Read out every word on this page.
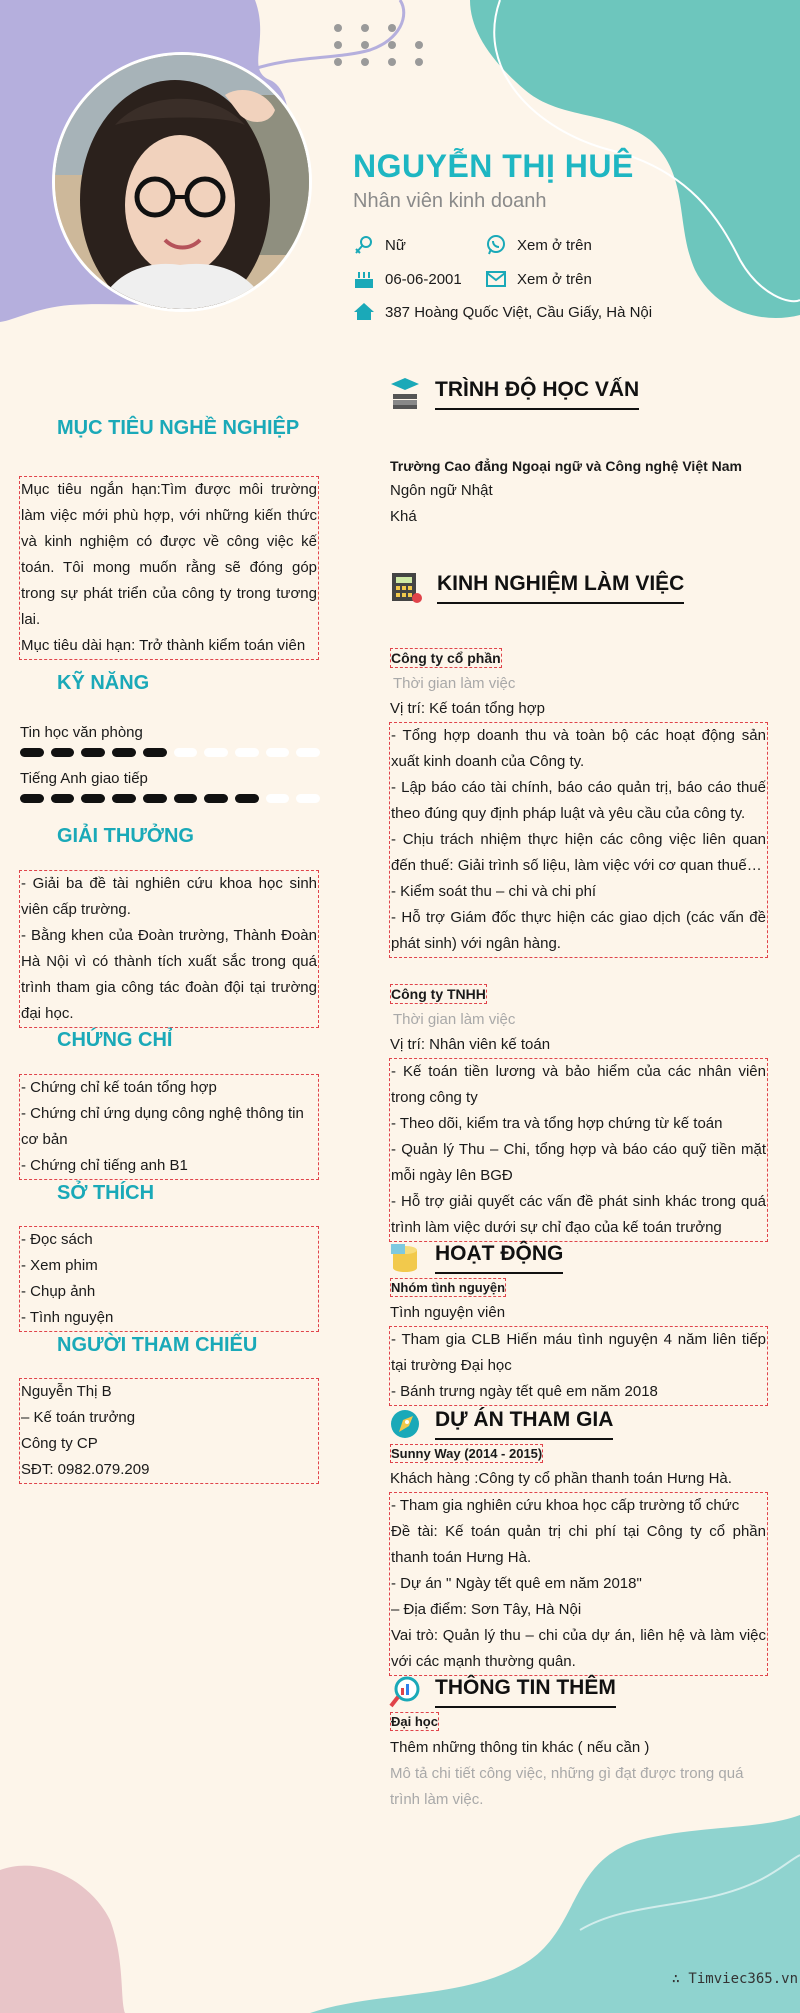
NGUYỄN THỊ HUÊ
Nhân viên kinh doanh
Nữ	Xem ở trên
06-06-2001	Xem ở trên
387 Hoàng Quốc Việt, Cầu Giấy, Hà Nội
MỤC TIÊU NGHỀ NGHIỆP
Mục tiêu ngắn hạn:Tìm được môi trường làm việc mới phù hợp, với những kiến thức và kinh nghiệm có được về công việc kế toán. Tôi mong muốn rằng sẽ đóng góp trong sự phát triển của công ty trong tương lai.
Mục tiêu dài hạn: Trở thành kiểm toán viên
KỸ NĂNG
Tin học văn phòng
Tiếng Anh giao tiếp
GIẢI THƯỞNG
- Giải ba đề tài nghiên cứu khoa học sinh viên cấp trường.
- Bằng khen của Đoàn trường, Thành Đoàn Hà Nội vì có thành tích xuất sắc trong quá trình tham gia công tác đoàn đội tại trường đại học.
CHỨNG CHỈ
- Chứng chỉ kế toán tổng hợp
- Chứng chỉ ứng dụng công nghệ thông tin cơ bản
- Chứng chỉ tiếng anh B1
SỞ THÍCH
- Đọc sách
- Xem phim
- Chụp ảnh
- Tình nguyện
NGƯỜI THAM CHIẾU
Nguyễn Thị B
– Kế toán trưởng
Công ty CP
SĐT: 0982.079.209
TRÌNH ĐỘ HỌC VẤN
Trường Cao đẳng Ngoại ngữ và Công nghệ Việt Nam
Ngôn ngữ Nhật
Khá
KINH NGHIỆM LÀM VIỆC
Công ty cổ phần
Thời gian làm việc
Vị trí: Kế toán tổng hợp
- Tổng hợp doanh thu và toàn bộ các hoạt động sản xuất kinh doanh của Công ty.
- Lập báo cáo tài chính, báo cáo quản trị, báo cáo thuế theo đúng quy định pháp luật và yêu cầu của công ty.
- Chịu trách nhiệm thực hiện các công việc liên quan đến thuế: Giải trình số liệu, làm việc với cơ quan thuế…
- Kiểm soát thu – chi và chi phí
- Hỗ trợ Giám đốc thực hiện các giao dịch (các vấn đề phát sinh) với ngân hàng.
Công ty TNHH
Thời gian làm việc
Vị trí: Nhân viên kế toán
- Kế toán tiền lương và bảo hiểm của các nhân viên trong công ty
- Theo dõi, kiểm tra và tổng hợp chứng từ kế toán
- Quản lý Thu – Chi, tổng hợp và báo cáo quỹ tiền mặt mỗi ngày lên BGĐ
- Hỗ trợ giải quyết các vấn đề phát sinh khác trong quá trình làm việc dưới sự chỉ đạo của kế toán trưởng
HOẠT ĐỘNG
Nhóm tình nguyện
Tình nguyện viên
- Tham gia CLB Hiến máu tình nguyện 4 năm liên tiếp tại trường Đại học
- Bánh trưng ngày tết quê em năm 2018
DỰ ÁN THAM GIA
Sunny Way (2014 - 2015)
Khách hàng :Công ty cổ phần thanh toán Hưng Hà.
- Tham gia nghiên cứu khoa học cấp trường tổ chức
Đề tài: Kế toán quản trị chi phí tại Công ty cổ phần thanh toán Hưng Hà.
- Dự án " Ngày tết quê em năm 2018"
– Địa điểm: Sơn Tây, Hà Nội
Vai trò: Quản lý thu – chi của dự án, liên hệ và làm việc với các mạnh thường quân.
THÔNG TIN THÊM
Đại học
Thêm những thông tin khác ( nếu cần )
Mô tả chi tiết công việc, những gì đạt được trong quá trình làm việc.
∴ Timviec365.vn
